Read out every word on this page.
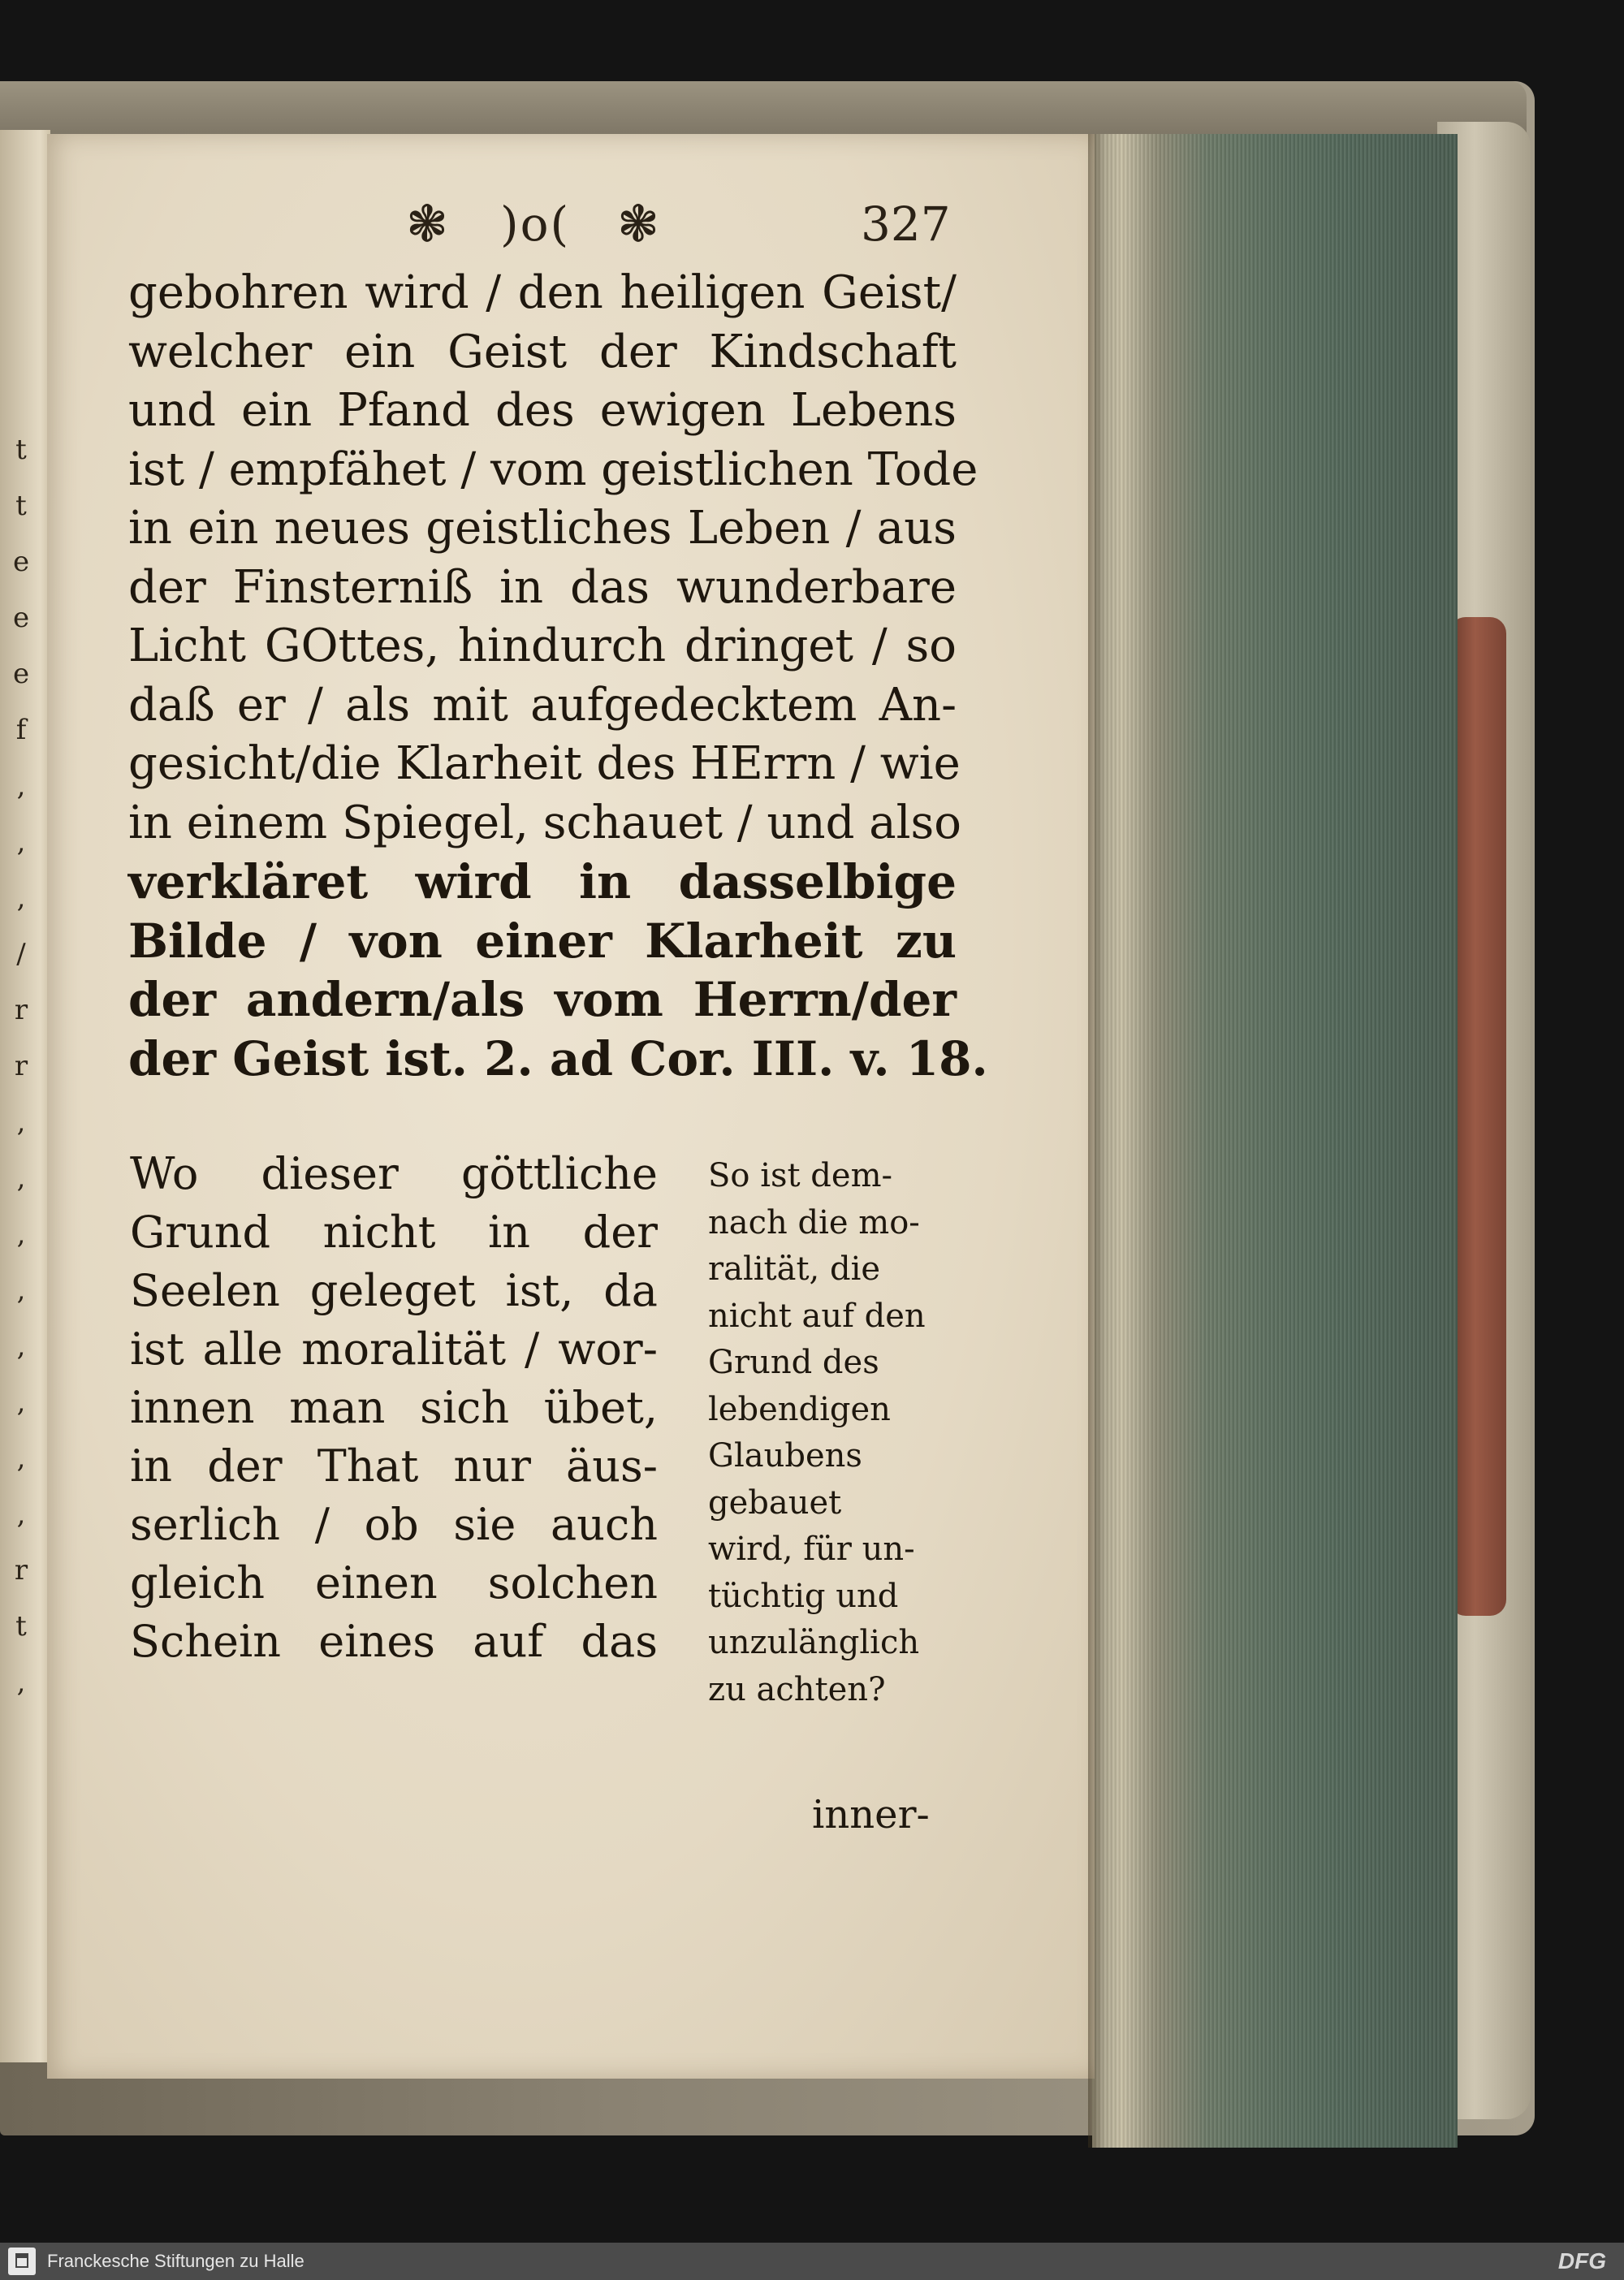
t
t
e
e
e
f
,
,
,
/
r
r
,
,
,
,
,
,
,
,
r
t
,
❃ )o( ❃	327
gebohren wird / den heiligen Geist/
welcher ein Geist der Kindschaft
und ein Pfand des ewigen Lebens
ist / empfähet / vom geistlichen Tode
in ein neues geistliches Leben / aus
der Finsterniß in das wunderbare
Licht GOttes, hindurch dringet / so
daß er / als mit aufgedecktem An-
gesicht/die Klarheit des HErrn / wie
in einem Spiegel, schauet / und also
verkläret wird in dasselbige
Bilde / von einer Klarheit zu
der andern/als vom Herrn/der
der Geist ist. 2. ad Cor. III. v. 18.
Wo dieser göttliche
Grund nicht in der
Seelen geleget ist, da
ist alle moralität / wor-
innen man sich übet,
in der That nur äus-
serlich / ob sie auch
gleich einen solchen
Schein eines auf das
So ist dem-
nach die mo-
ralität, die
nicht auf den
Grund des
lebendigen
Glaubens
gebauet
wird, für un-
tüchtig und
unzulänglich
zu achten?
inner-
Franckesche Stiftungen zu Halle	DFG
